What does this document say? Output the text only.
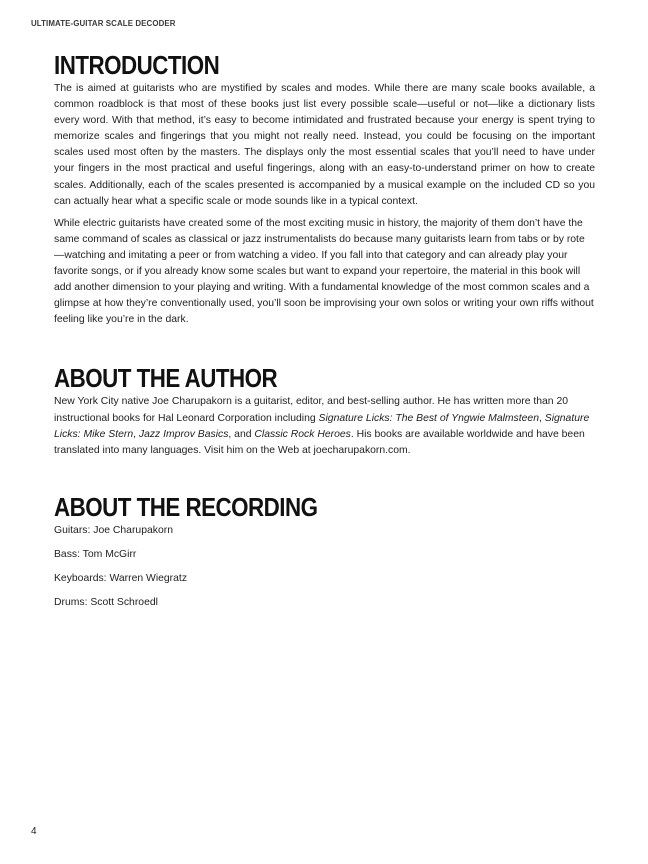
ULTIMATE-GUITAR SCALE DECODER
INTRODUCTION

The is aimed at guitarists who are mystified by scales and modes. While there are many scale books available, a common roadblock is that most of these books just list every possible scale—useful or not—like a dictionary lists every word. With that method, it’s easy to become intimidated and frustrated because your energy is spent trying to memorize scales and fingerings that you might not really need. Instead, you could be focusing on the important scales used most often by the masters. The displays only the most essential scales that you’ll need to have under your fingers in the most practical and useful fingerings, along with an easy-to-understand primer on how to create scales. Additionally, each of the scales presented is accompanied by a musical example on the included CD so you can actually hear what a specific scale or mode sounds like in a typical context.

While electric guitarists have created some of the most exciting music in history, the majority of them don’t have the same command of scales as classical or jazz instrumentalists do because many guitarists learn from tabs or by rote—watching and imitating a peer or from watching a video. If you fall into that category and can already play your favorite songs, or if you already know some scales but want to expand your repertoire, the material in this book will add another dimension to your playing and writing. With a fundamental knowledge of the most common scales and a glimpse at how they’re conventionally used, you’ll soon be improvising your own solos or writing your own riffs without feeling like you’re in the dark.

ABOUT THE AUTHOR

New York City native Joe Charupakorn is a guitarist, editor, and best-selling author. He has written more than 20 instructional books for Hal Leonard Corporation including Signature Licks: The Best of Yngwie Malmsteen, Signature Licks: Mike Stern, Jazz Improv Basics, and Classic Rock Heroes. His books are available worldwide and have been translated into many languages. Visit him on the Web at joecharupakorn.com.

ABOUT THE RECORDING

Guitars: Joe Charupakorn

Bass: Tom McGirr

Keyboards: Warren Wiegratz

Drums: Scott Schroedl

4
